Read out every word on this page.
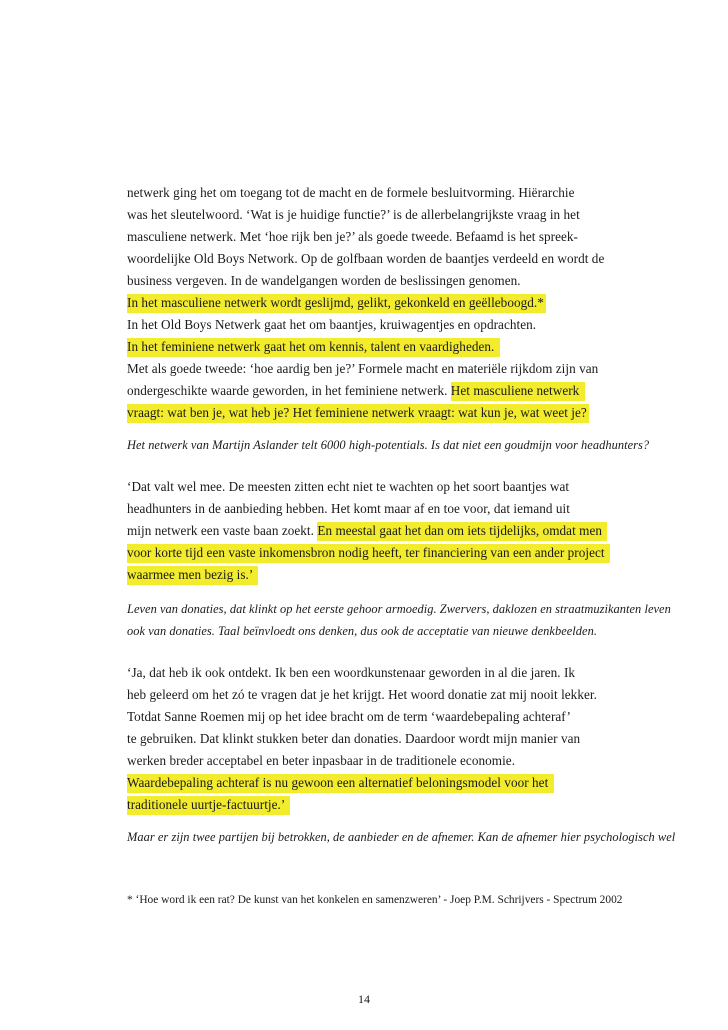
netwerk ging het om toegang tot de macht en de formele besluitvorming. Hiërarchie
was het sleutelwoord. ‘Wat is je huidige functie?’ is de allerbelangrijkste vraag in het
masculiene netwerk. Met ‘hoe rijk ben je?’ als goede tweede. Befaamd is het spreek-
woordelijke Old Boys Network. Op de golfbaan worden de baantjes verdeeld en wordt de
business vergeven. In de wandelgangen worden de beslissingen genomen.
In het masculiene netwerk wordt geslijmd, gelikt, gekonkeld en geëlleboogd.*
In het Old Boys Netwerk gaat het om baantjes, kruiwagentjes en opdrachten.
In het feminiene netwerk gaat het om kennis, talent en vaardigheden.
Met als goede tweede: ‘hoe aardig ben je?’ Formele macht en materiële rijkdom zijn van
ondergeschikte waarde geworden, in het feminiene netwerk. Het masculiene netwerk
vraagt: wat ben je, wat heb je? Het feminiene netwerk vraagt: wat kun je, wat weet je?
Het netwerk van Martijn Aslander telt 6000 high-potentials. Is dat niet een goudmijn voor headhunters?
‘Dat valt wel mee. De meesten zitten echt niet te wachten op het soort baantjes wat
headhunters in de aanbieding hebben. Het komt maar af en toe voor, dat iemand uit
mijn netwerk een vaste baan zoekt. En meestal gaat het dan om iets tijdelijks, omdat men
voor korte tijd een vaste inkomensbron nodig heeft, ter financiering van een ander project
waarmee men bezig is.’
Leven van donaties, dat klinkt op het eerste gehoor armoedig. Zwervers, daklozen en straatmuzikanten leven
ook van donaties. Taal beïnvloedt ons denken, dus ook de acceptatie van nieuwe denkbeelden.
‘Ja, dat heb ik ook ontdekt. Ik ben een woordkunstenaar geworden in al die jaren. Ik
heb geleerd om het zó te vragen dat je het krijgt. Het woord donatie zat mij nooit lekker.
Totdat Sanne Roemen mij op het idee bracht om de term ‘waardebepaling achteraf’
te gebruiken. Dat klinkt stukken beter dan donaties. Daardoor wordt mijn manier van
werken breder acceptabel en beter inpasbaar in de traditionele economie.
Waardebepaling achteraf is nu gewoon een alternatief beloningsmodel voor het
traditionele uurtje-factuurtje.’
Maar er zijn twee partijen bij betrokken, de aanbieder en de afnemer. Kan de afnemer hier psychologisch wel
* ‘Hoe word ik een rat? De kunst van het konkelen en samenzweren’ - Joep P.M. Schrijvers - Spectrum 2002
14
